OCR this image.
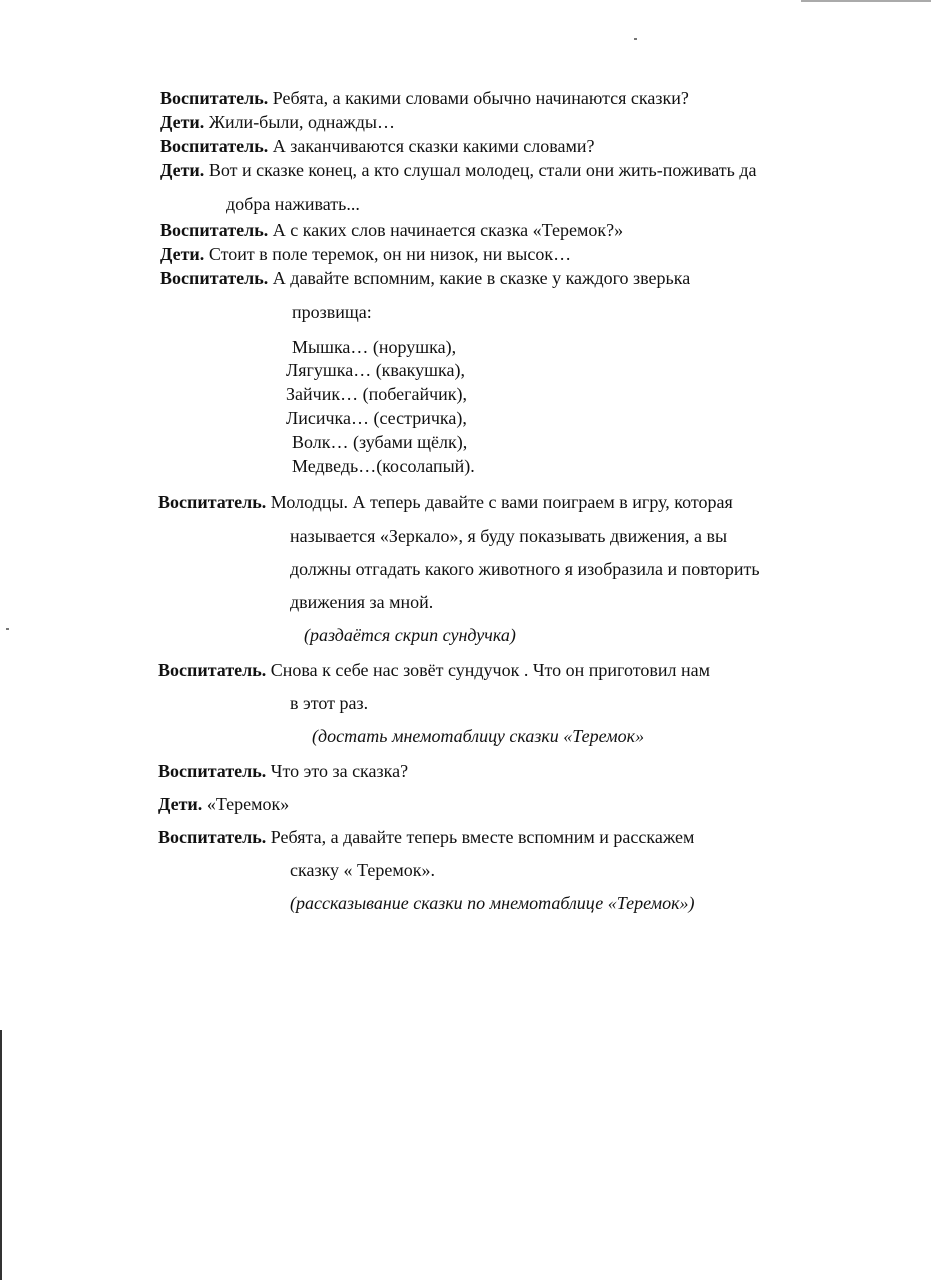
Воспитатель. Ребята, а какими словами обычно начинаются сказки?
Дети. Жили-были, однажды…
Воспитатель. А заканчиваются сказки какими словами?
Дети. Вот и сказке конец, а кто слушал молодец, стали они жить-поживать да
добра наживать...
Воспитатель. А с каких слов начинается сказка «Теремок?»
Дети. Стоит в поле теремок, он ни низок, ни высок…
Воспитатель. А давайте вспомним, какие в сказке у каждого зверька
прозвища:
Мышка… (норушка),
Лягушка… (квакушка),
Зайчик… (побегайчик),
Лисичка… (сестричка),
Волк… (зубами щёлк),
Медведь…(косолапый).
Воспитатель. Молодцы. А теперь давайте с вами поиграем в игру, которая
называется «Зеркало», я буду показывать движения, а вы
должны отгадать какого животного я изобразила и повторить
движения за мной.
(раздаётся скрип сундучка)
Воспитатель. Снова к себе нас зовёт сундучок . Что он приготовил нам
в этот раз.
(достать мнемотаблицу сказки «Теремок»
Воспитатель. Что это за сказка?
Дети. «Теремок»
Воспитатель. Ребята, а давайте теперь вместе вспомним и расскажем
сказку « Теремок».
(рассказывание сказки по мнемотаблице «Теремок»)
